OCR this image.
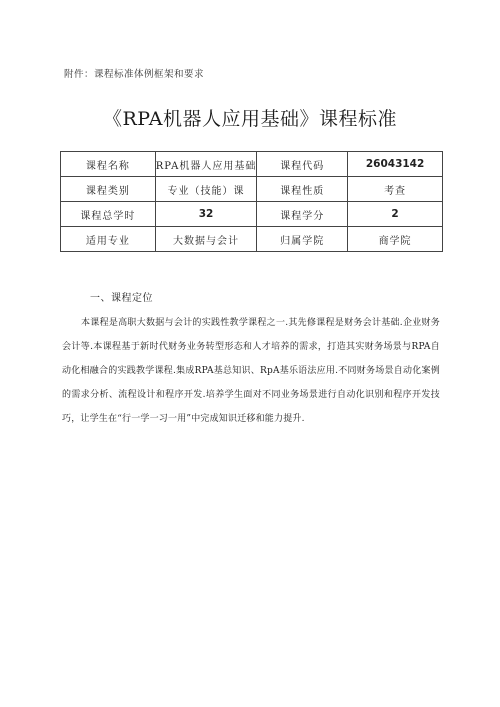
附件：课程标准体例框架和要求
《RPA机器人应用基础》课程标准
课程名称	RPA机器人应用基础	课程代码	26043142
课程类别	专业（技能）课	课程性质	考查
课程总学时	32	课程学分	2
适用专业	大数据与会计	归属学院	商学院
一、课程定位

本课程是高职大数据与会计的实践性教学课程之一.其先修课程是财务会计基础.企业财务会计等.本课程基于新时代财务业务转型形态和人才培养的需求，打造其实财务场景与RPA自动化相融合的实践教学课程.集成RPA基总知识、RpA基乐语法应用.不同财务场景自动化案例的需求分析、流程设计和程序开发.培养学生面对不同业务场景进行自动化识别和程序开发技巧，让学生在“行一学一习一用”中完成知识迁移和能力提升.
